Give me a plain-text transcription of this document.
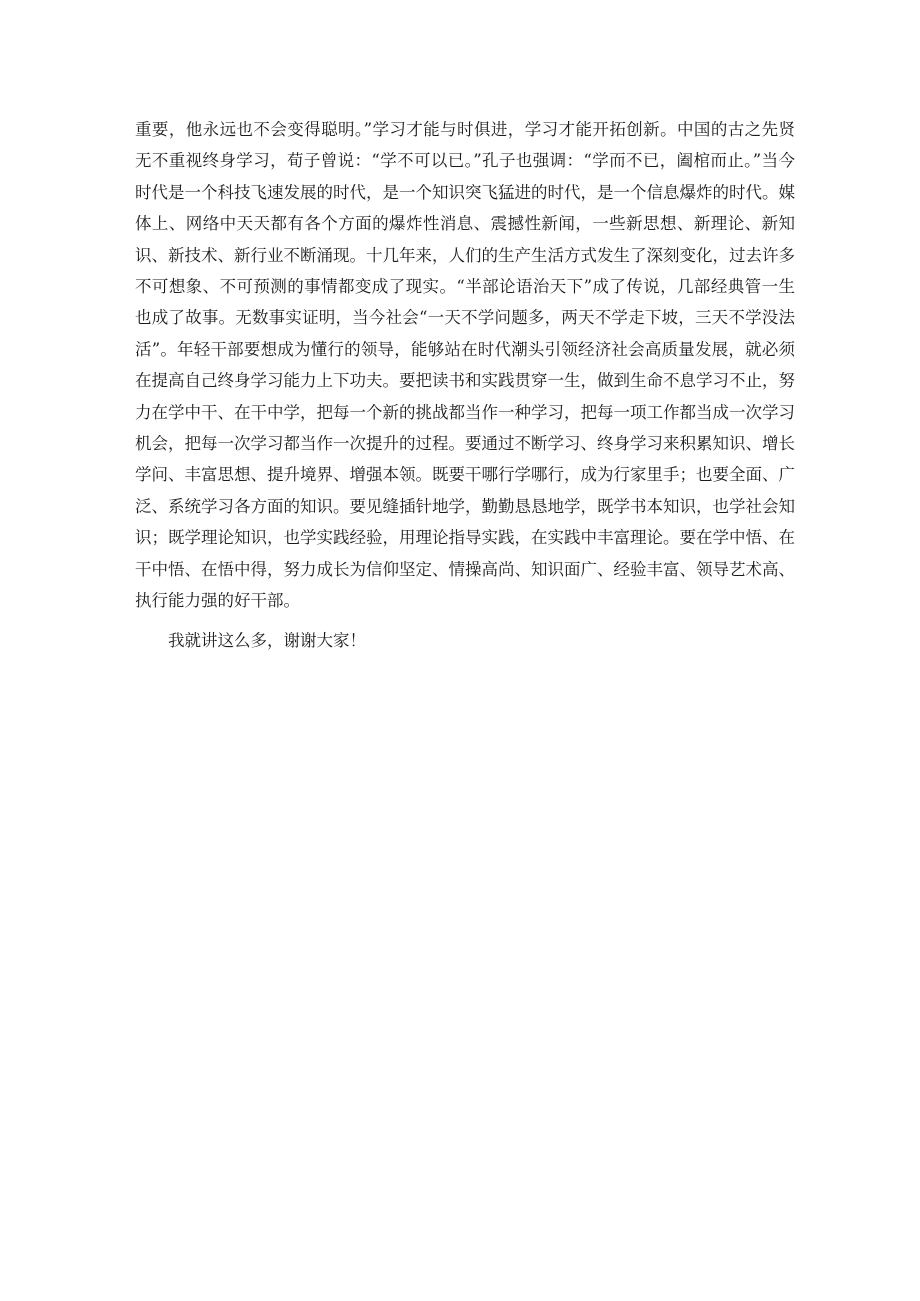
重要，他永远也不会变得聪明。”学习才能与时俱进，学习才能开拓创新。中国的古之先贤无不重视终身学习，荀子曾说：“学不可以已。”孔子也强调：“学而不已，阖棺而止。”当今时代是一个科技飞速发展的时代，是一个知识突飞猛进的时代，是一个信息爆炸的时代。媒体上、网络中天天都有各个方面的爆炸性消息、震撼性新闻，一些新思想、新理论、新知识、新技术、新行业不断涌现。十几年来，人们的生产生活方式发生了深刻变化，过去许多不可想象、不可预测的事情都变成了现实。“半部论语治天下”成了传说，几部经典管一生也成了故事。无数事实证明，当今社会“一天不学问题多，两天不学走下坡，三天不学没法活”。年轻干部要想成为懂行的领导，能够站在时代潮头引领经济社会高质量发展，就必须在提高自己终身学习能力上下功夫。要把读书和实践贯穿一生，做到生命不息学习不止，努力在学中干、在干中学，把每一个新的挑战都当作一种学习，把每一项工作都当成一次学习机会，把每一次学习都当作一次提升的过程。要通过不断学习、终身学习来积累知识、增长学问、丰富思想、提升境界、增强本领。既要干哪行学哪行，成为行家里手；也要全面、广泛、系统学习各方面的知识。要见缝插针地学，勤勤恳恳地学，既学书本知识，也学社会知识；既学理论知识，也学实践经验，用理论指导实践，在实践中丰富理论。要在学中悟、在干中悟、在悟中得，努力成长为信仰坚定、情操高尚、知识面广、经验丰富、领导艺术高、执行能力强的好干部。

我就讲这么多，谢谢大家！
